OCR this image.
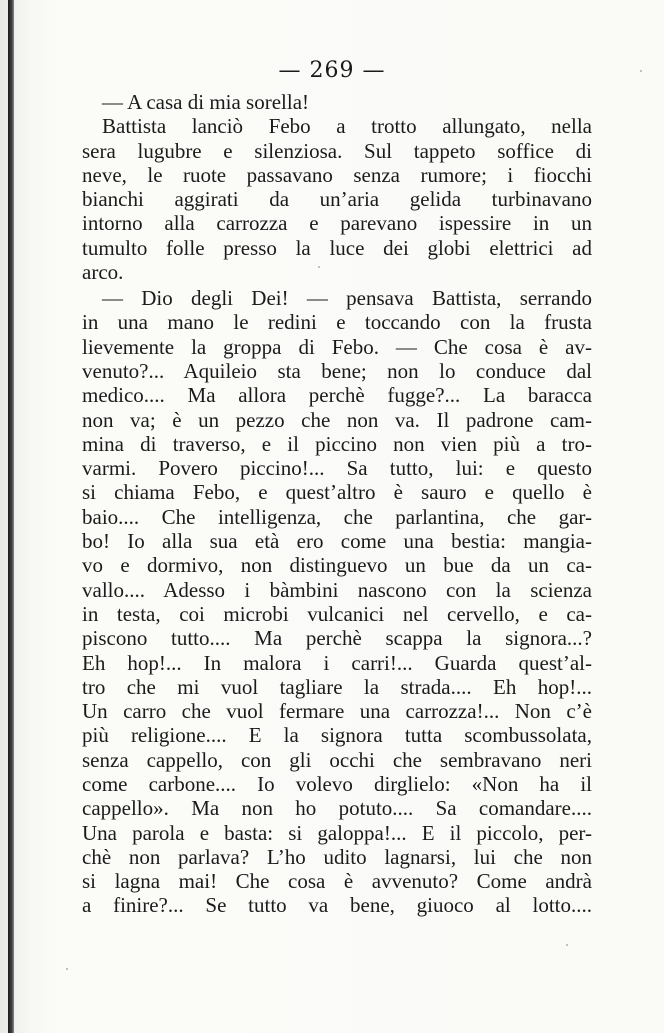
— 269 —
— A casa di mia sorella!
Battista lanciò Febo a trotto allungato, nella
sera lugubre e silenziosa. Sul tappeto soffice di
neve, le ruote passavano senza rumore; i fiocchi
bianchi aggirati da un’aria gelida turbinavano
intorno alla carrozza e parevano ispessire in un
tumulto folle presso la luce dei globi elettrici ad
arco.
— Dio degli Dei! — pensava Battista, serrando
in una mano le redini e toccando con la frusta
lievemente la groppa di Febo. — Che cosa è av-
venuto?... Aquileio sta bene; non lo conduce dal
medico.... Ma allora perchè fugge?... La baracca
non va; è un pezzo che non va. Il padrone cam-
mina di traverso, e il piccino non vien più a tro-
varmi. Povero piccino!... Sa tutto, lui: e questo
si chiama Febo, e quest’altro è sauro e quello è
baio.... Che intelligenza, che parlantina, che gar-
bo! Io alla sua età ero come una bestia: mangia-
vo e dormivo, non distinguevo un bue da un ca-
vallo.... Adesso i bàmbini nascono con la scienza
in testa, coi microbi vulcanici nel cervello, e ca-
piscono tutto.... Ma perchè scappa la signora...?
Eh hop!... In malora i carri!... Guarda quest’al-
tro che mi vuol tagliare la strada.... Eh hop!...
Un carro che vuol fermare una carrozza!... Non c’è
più religione.... E la signora tutta scombussolata,
senza cappello, con gli occhi che sembravano neri
come carbone.... Io volevo dirglielo: «Non ha il
cappello». Ma non ho potuto.... Sa comandare....
Una parola e basta: si galoppa!... E il piccolo, per-
chè non parlava? L’ho udito lagnarsi, lui che non
si lagna mai! Che cosa è avvenuto? Come andrà
a finire?... Se tutto va bene, giuoco al lotto....
